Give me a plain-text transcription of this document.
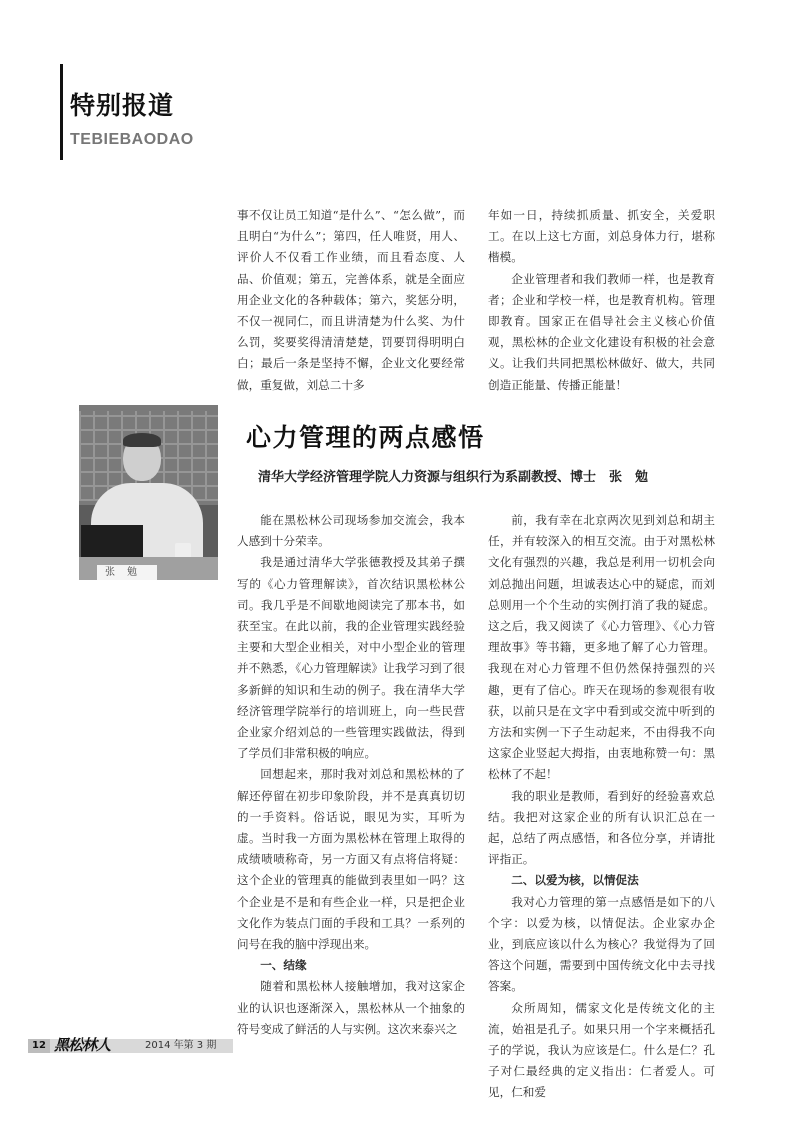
特别报道
TEBIEBAODAO

事不仅让员工知道“是什么”、“怎么做”，而且明白“为什么”；第四，任人唯贤，用人、评价人不仅看工作业绩，而且看态度、人品、价值观；第五，完善体系，就是全面应用企业文化的各种载体；第六，奖惩分明，不仅一视同仁，而且讲清楚为什么奖、为什么罚，奖要奖得清清楚楚，罚要罚得明明白白；最后一条是坚持不懈，企业文化要经常做，重复做，刘总二十多

年如一日，持续抓质量、抓安全，关爱职工。在以上这七方面，刘总身体力行，堪称楷模。

企业管理者和我们教师一样，也是教育者；企业和学校一样，也是教育机构。管理即教育。国家正在倡导社会主义核心价值观，黑松林的企业文化建设有积极的社会意义。让我们共同把黑松林做好、做大，共同创造正能量、传播正能量！

张勉
心力管理的两点感悟
清华大学经济管理学院人力资源与组织行为系副教授、博士　张　勉

能在黑松林公司现场参加交流会，我本人感到十分荣幸。

我是通过清华大学张德教授及其弟子撰写的《心力管理解读》，首次结识黑松林公司。我几乎是不间歇地阅读完了那本书，如获至宝。在此以前，我的企业管理实践经验主要和大型企业相关，对中小型企业的管理并不熟悉，《心力管理解读》让我学习到了很多新鲜的知识和生动的例子。我在清华大学经济管理学院举行的培训班上，向一些民营企业家介绍刘总的一些管理实践做法，得到了学员们非常积极的响应。

回想起来，那时我对刘总和黑松林的了解还停留在初步印象阶段，并不是真真切切的一手资料。俗话说，眼见为实，耳听为虚。当时我一方面为黑松林在管理上取得的成绩啧啧称奇，另一方面又有点将信将疑：这个企业的管理真的能做到表里如一吗？这个企业是不是和有些企业一样，只是把企业文化作为装点门面的手段和工具？一系列的问号在我的脑中浮现出来。

一、结缘

随着和黑松林人接触增加，我对这家企业的认识也逐渐深入，黑松林从一个抽象的符号变成了鲜活的人与实例。这次来泰兴之

前，我有幸在北京两次见到刘总和胡主任，并有较深入的相互交流。由于对黑松林文化有强烈的兴趣，我总是利用一切机会向刘总抛出问题，坦诚表达心中的疑虑，而刘总则用一个个生动的实例打消了我的疑虑。这之后，我又阅读了《心力管理》、《心力管理故事》等书籍，更多地了解了心力管理。我现在对心力管理不但仍然保持强烈的兴趣，更有了信心。昨天在现场的参观很有收获，以前只是在文字中看到或交流中听到的方法和实例一下子生动起来，不由得我不向这家企业竖起大拇指，由衷地称赞一句：黑松林了不起！

我的职业是教师，看到好的经验喜欢总结。我把对这家企业的所有认识汇总在一起，总结了两点感悟，和各位分享，并请批评指正。

二、以爱为核，以情促法

我对心力管理的第一点感悟是如下的八个字：以爱为核，以情促法。企业家办企业，到底应该以什么为核心？我觉得为了回答这个问题，需要到中国传统文化中去寻找答案。

众所周知，儒家文化是传统文化的主流，始祖是孔子。如果只用一个字来概括孔子的学说，我认为应该是仁。什么是仁？孔子对仁最经典的定义指出：仁者爱人。可见，仁和爱

12 黑松林人	2014 年第 3 期
